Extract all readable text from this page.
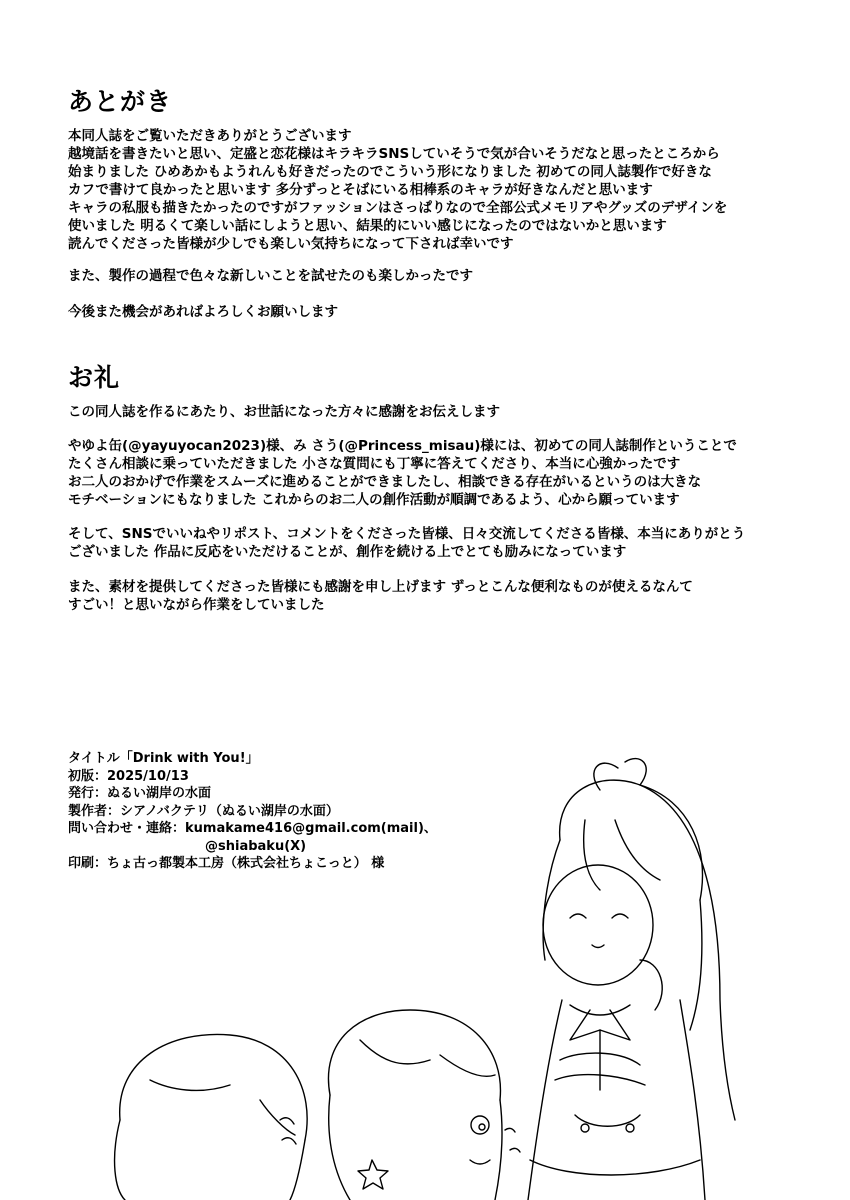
あとがき
本同人誌をご覧いただきありがとうございます
越境話を書きたいと思い、定盛と恋花様はキラキラSNSしていそうで気が合いそうだなと思ったところから
始まりました ひめあかもようれんも好きだったのでこういう形になりました 初めての同人誌製作で好きな
カフで書けて良かったと思います 多分ずっとそばにいる相棒系のキャラが好きなんだと思います
キャラの私服も描きたかったのですがファッションはさっぱりなので全部公式メモリアやグッズのデザインを
使いました 明るくて楽しい話にしようと思い、結果的にいい感じになったのではないかと思います
読んでくださった皆様が少しでも楽しい気持ちになって下されば幸いです
また、製作の過程で色々な新しいことを試せたのも楽しかったです
今後また機会があればよろしくお願いします
お礼
この同人誌を作るにあたり、お世話になった方々に感謝をお伝えします
やゆよ缶(@yayuyocan2023)様、み さう(@Princess_misau)様には、初めての同人誌制作ということで
たくさん相談に乗っていただきました 小さな質問にも丁寧に答えてくださり、本当に心強かったです
お二人のおかげで作業をスムーズに進めることができましたし、相談できる存在がいるというのは大きな
モチベーションにもなりました これからのお二人の創作活動が順調であるよう、心から願っています
そして、SNSでいいねやリポスト、コメントをくださった皆様、日々交流してくださる皆様、本当にありがとう
ございました 作品に反応をいただけることが、創作を続ける上でとても励みになっています
また、素材を提供してくださった皆様にも感謝を申し上げます ずっとこんな便利なものが使えるなんて
すごい！と思いながら作業をしていました
タイトル「Drink with You!」
初版：2025/10/13
発行：ぬるい湖岸の水面
製作者：シアノバクテリ（ぬるい湖岸の水面）
問い合わせ・連絡：kumakame416@gmail.com(mail)、
@shiabaku(X)
印刷：ちょ古っ都製本工房（株式会社ちょこっと） 様
